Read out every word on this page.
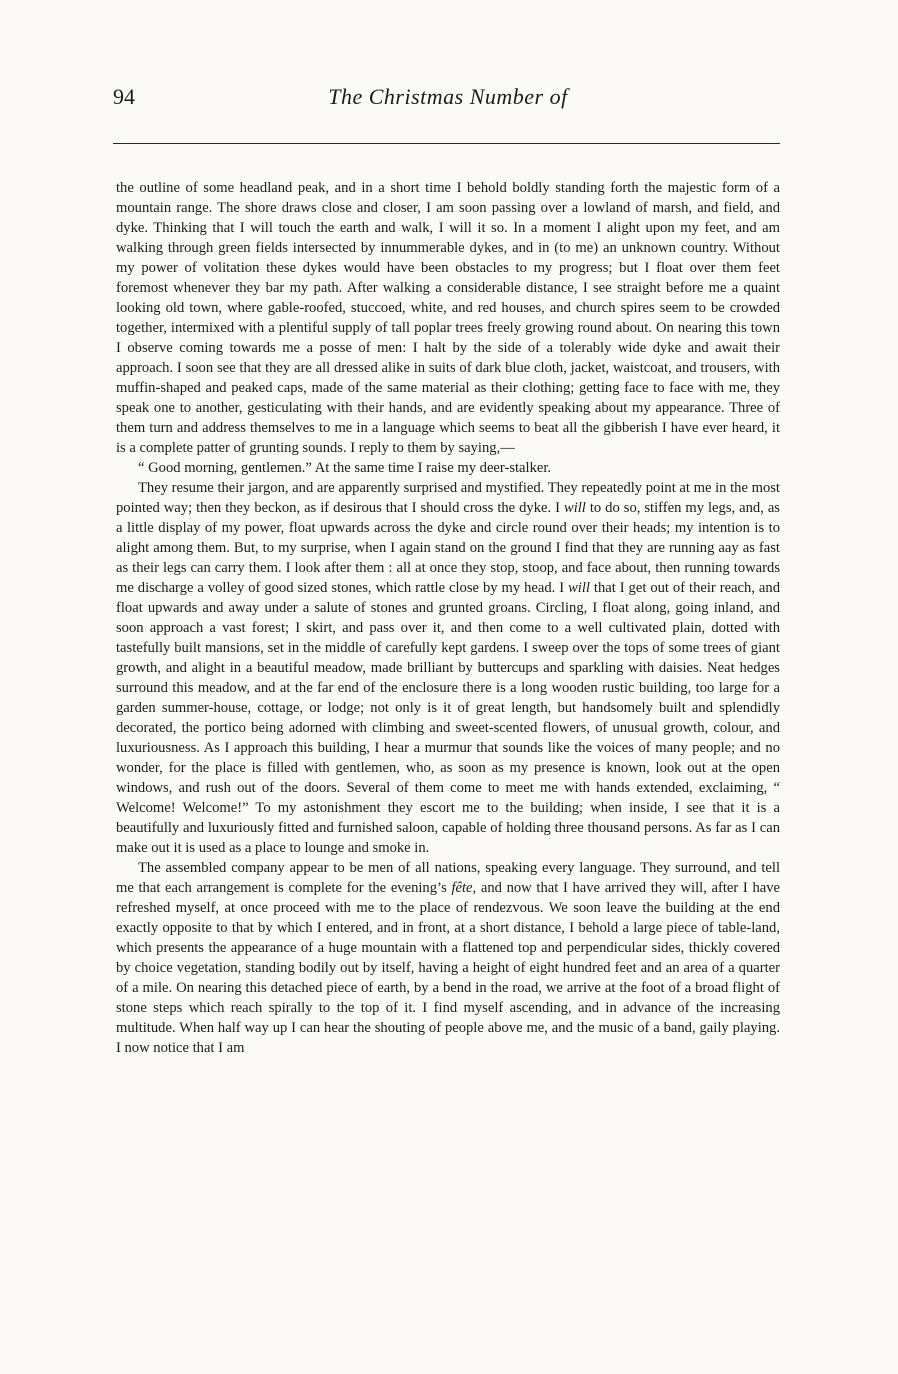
94	The Christmas Number of

the outline of some headland peak, and in a short time I behold boldly standing forth the majestic form of a mountain range. The shore draws close and closer, I am soon passing over a lowland of marsh, and field, and dyke. Thinking that I will touch the earth and walk, I will it so. In a moment I alight upon my feet, and am walking through green fields intersected by innummerable dykes, and in (to me) an unknown country. Without my power of volitation these dykes would have been obstacles to my progress; but I float over them feet foremost whenever they bar my path. After walking a considerable distance, I see straight before me a quaint looking old town, where gable-roofed, stuccoed, white, and red houses, and church spires seem to be crowded together, intermixed with a plentiful supply of tall poplar trees freely growing round about. On nearing this town I observe coming towards me a posse of men: I halt by the side of a tolerably wide dyke and await their approach. I soon see that they are all dressed alike in suits of dark blue cloth, jacket, waistcoat, and trousers, with muffin-shaped and peaked caps, made of the same material as their clothing; getting face to face with me, they speak one to another, gesticulating with their hands, and are evidently speaking about my appearance. Three of them turn and address themselves to me in a language which seems to beat all the gibberish I have ever heard, it is a complete patter of grunting sounds. I reply to them by saying,—

“ Good morning, gentlemen.” At the same time I raise my deer-stalker.

They resume their jargon, and are apparently surprised and mystified. They repeatedly point at me in the most pointed way; then they beckon, as if desirous that I should cross the dyke. I will to do so, stiffen my legs, and, as a little display of my power, float upwards across the dyke and circle round over their heads; my intention is to alight among them. But, to my surprise, when I again stand on the ground I find that they are running aay as fast as their legs can carry them. I look after them : all at once they stop, stoop, and face about, then running towards me discharge a volley of good sized stones, which rattle close by my head. I will that I get out of their reach, and float upwards and away under a salute of stones and grunted groans. Circling, I float along, going inland, and soon approach a vast forest; I skirt, and pass over it, and then come to a well cultivated plain, dotted with tastefully built mansions, set in the middle of carefully kept gardens. I sweep over the tops of some trees of giant growth, and alight in a beautiful meadow, made brilliant by buttercups and sparkling with daisies. Neat hedges surround this meadow, and at the far end of the enclosure there is a long wooden rustic building, too large for a garden summer-house, cottage, or lodge; not only is it of great length, but handsomely built and splendidly decorated, the portico being adorned with climbing and sweet-scented flowers, of unusual growth, colour, and luxuriousness. As I approach this building, I hear a murmur that sounds like the voices of many people; and no wonder, for the place is filled with gentlemen, who, as soon as my presence is known, look out at the open windows, and rush out of the doors. Several of them come to meet me with hands extended, exclaiming, “ Welcome! Welcome!” To my astonishment they escort me to the building; when inside, I see that it is a beautifully and luxuriously fitted and furnished saloon, capable of holding three thousand persons. As far as I can make out it is used as a place to lounge and smoke in.

The assembled company appear to be men of all nations, speaking every language. They surround, and tell me that each arrangement is complete for the evening’s fête, and now that I have arrived they will, after I have refreshed myself, at once proceed with me to the place of rendezvous. We soon leave the building at the end exactly opposite to that by which I entered, and in front, at a short distance, I behold a large piece of table-land, which presents the appearance of a huge mountain with a flattened top and perpendicular sides, thickly covered by choice vegetation, standing bodily out by itself, having a height of eight hundred feet and an area of a quarter of a mile. On nearing this detached piece of earth, by a bend in the road, we arrive at the foot of a broad flight of stone steps which reach spirally to the top of it. I find myself ascending, and in advance of the increasing multitude. When half way up I can hear the shouting of people above me, and the music of a band, gaily playing. I now notice that I am
